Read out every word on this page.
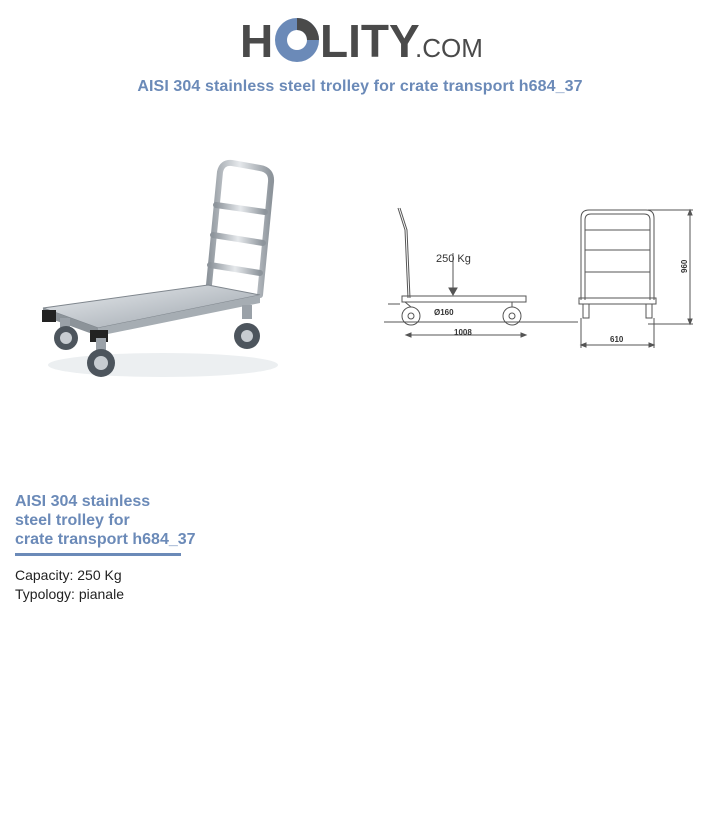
H LITY
.COM
AISI 304 stainless steel trolley for crate transport h684_37
250 Kg
Ø160
1008
610
960
AISI 304 stainless
steel trolley for
crate transport h684_37
Capacity: 250 Kg
Typology: pianale
